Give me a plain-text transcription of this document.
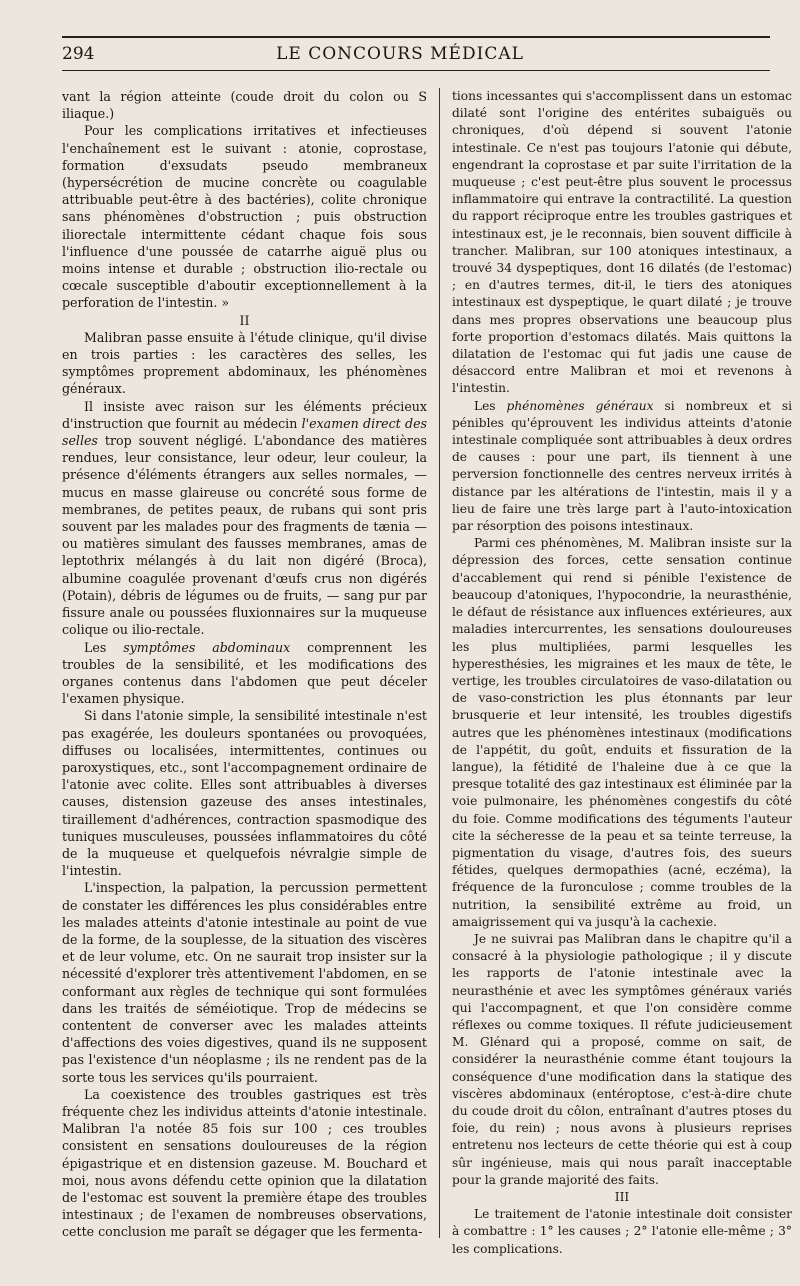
294	LE CONCOURS MÉDICAL

vant la région atteinte (coude droit du colon ou S iliaque.)

Pour les complications irritatives et infectieuses l'enchaînement est le suivant : atonie, coprostase, formation d'exsudats pseudo membraneux (hypersécrétion de mucine concrète ou coagulable attribuable peut-être à des bactéries), colite chronique sans phénomènes d'obstruction ; puis obstruction iliorectale intermittente cédant chaque fois sous l'influence d'une poussée de catarrhe aiguë plus ou moins intense et durable ; obstruction ilio-rectale ou cœcale susceptible d'aboutir exceptionnellement à la perforation de l'intestin. »

II

Malibran passe ensuite à l'étude clinique, qu'il divise en trois parties : les caractères des selles, les symptômes proprement abdominaux, les phénomènes généraux.

Il insiste avec raison sur les éléments précieux d'instruction que fournit au médecin l'examen direct des selles trop souvent négligé. L'abondance des matières rendues, leur consistance, leur odeur, leur couleur, la présence d'éléments étrangers aux selles normales, — mucus en masse glaireuse ou concrété sous forme de membranes, de petites peaux, de rubans qui sont pris souvent par les malades pour des fragments de tænia — ou matières simulant des fausses membranes, amas de leptothrix mélangés à du lait non digéré (Broca), albumine coagulée provenant d'œufs crus non digérés (Potain), débris de légumes ou de fruits, — sang pur par fissure anale ou poussées fluxionnaires sur la muqueuse colique ou ilio-rectale.

Les symptômes abdominaux comprennent les troubles de la sensibilité, et les modifications des organes contenus dans l'abdomen que peut déceler l'examen physique.

Si dans l'atonie simple, la sensibilité intestinale n'est pas exagérée, les douleurs spontanées ou provoquées, diffuses ou localisées, intermittentes, continues ou paroxystiques, etc., sont l'accompagnement ordinaire de l'atonie avec colite. Elles sont attribuables à diverses causes, distension gazeuse des anses intestinales, tiraillement d'adhérences, contraction spasmodique des tuniques musculeuses, poussées inflammatoires du côté de la muqueuse et quelquefois névralgie simple de l'intestin.

L'inspection, la palpation, la percussion permettent de constater les différences les plus considérables entre les malades atteints d'atonie intestinale au point de vue de la forme, de la souplesse, de la situation des viscères et de leur volume, etc. On ne saurait trop insister sur la nécessité d'explorer très attentivement l'abdomen, en se conformant aux règles de technique qui sont formulées dans les traités de séméiotique. Trop de médecins se contentent de converser avec les malades atteints d'affections des voies digestives, quand ils ne supposent pas l'existence d'un néoplasme ; ils ne rendent pas de la sorte tous les services qu'ils pourraient.

La coexistence des troubles gastriques est très fréquente chez les individus atteints d'atonie intestinale. Malibran l'a notée 85 fois sur 100 ; ces troubles consistent en sensations douloureuses de la région épigastrique et en distension gazeuse. M. Bouchard et moi, nous avons défendu cette opinion que la dilatation de l'estomac est souvent la première étape des troubles intestinaux ; de l'examen de nombreuses observations, cette conclusion me paraît se dégager que les fermenta-

tions incessantes qui s'accomplissent dans un estomac dilaté sont l'origine des entérites subaiguës ou chroniques, d'où dépend si souvent l'atonie intestinale. Ce n'est pas toujours l'atonie qui débute, engendrant la coprostase et par suite l'irritation de la muqueuse ; c'est peut-être plus souvent le processus inflammatoire qui entrave la contractilité. La question du rapport réciproque entre les troubles gastriques et intestinaux est, je le reconnais, bien souvent difficile à trancher. Malibran, sur 100 atoniques intestinaux, a trouvé 34 dyspeptiques, dont 16 dilatés (de l'estomac) ; en d'autres termes, dit-il, le tiers des atoniques intestinaux est dyspeptique, le quart dilaté ; je trouve dans mes propres observations une beaucoup plus forte proportion d'estomacs dilatés. Mais quittons la dilatation de l'estomac qui fut jadis une cause de désaccord entre Malibran et moi et revenons à l'intestin.

Les phénomènes généraux si nombreux et si pénibles qu'éprouvent les individus atteints d'atonie intestinale compliquée sont attribuables à deux ordres de causes : pour une part, ils tiennent à une perversion fonctionnelle des centres nerveux irrités à distance par les altérations de l'intestin, mais il y a lieu de faire une très large part à l'auto-intoxication par résorption des poisons intestinaux.

Parmi ces phénomènes, M. Malibran insiste sur la dépression des forces, cette sensation continue d'accablement qui rend si pénible l'existence de beaucoup d'atoniques, l'hypocondrie, la neurasthénie, le défaut de résistance aux influences extérieures, aux maladies intercurrentes, les sensations douloureuses les plus multipliées, parmi lesquelles les hyperesthésies, les migraines et les maux de tête, le vertige, les troubles circulatoires de vaso-dilatation ou de vaso-constriction les plus étonnants par leur brusquerie et leur intensité, les troubles digestifs autres que les phénomènes intestinaux (modifications de l'appétit, du goût, enduits et fissuration de la langue), la fétidité de l'haleine due à ce que la presque totalité des gaz intestinaux est éliminée par la voie pulmonaire, les phénomènes congestifs du côté du foie. Comme modifications des téguments l'auteur cite la sécheresse de la peau et sa teinte terreuse, la pigmentation du visage, d'autres fois, des sueurs fétides, quelques dermopathies (acné, eczéma), la fréquence de la furonculose ; comme troubles de la nutrition, la sensibilité extrême au froid, un amaigrissement qui va jusqu'à la cachexie.

Je ne suivrai pas Malibran dans le chapitre qu'il a consacré à la physiologie pathologique ; il y discute les rapports de l'atonie intestinale avec la neurasthénie et avec les symptômes généraux variés qui l'accompagnent, et que l'on considère comme réflexes ou comme toxiques. Il réfute judicieusement M. Glénard qui a proposé, comme on sait, de considérer la neurasthénie comme étant toujours la conséquence d'une modification dans la statique des viscères abdominaux (entéroptose, c'est-à-dire chute du coude droit du côlon, entraînant d'autres ptoses du foie, du rein) ; nous avons à plusieurs reprises entretenu nos lecteurs de cette théorie qui est à coup sûr ingénieuse, mais qui nous paraît inacceptable pour la grande majorité des faits.

III

Le traitement de l'atonie intestinale doit consister à combattre : 1° les causes ; 2° l'atonie elle-même ; 3° les complications.
